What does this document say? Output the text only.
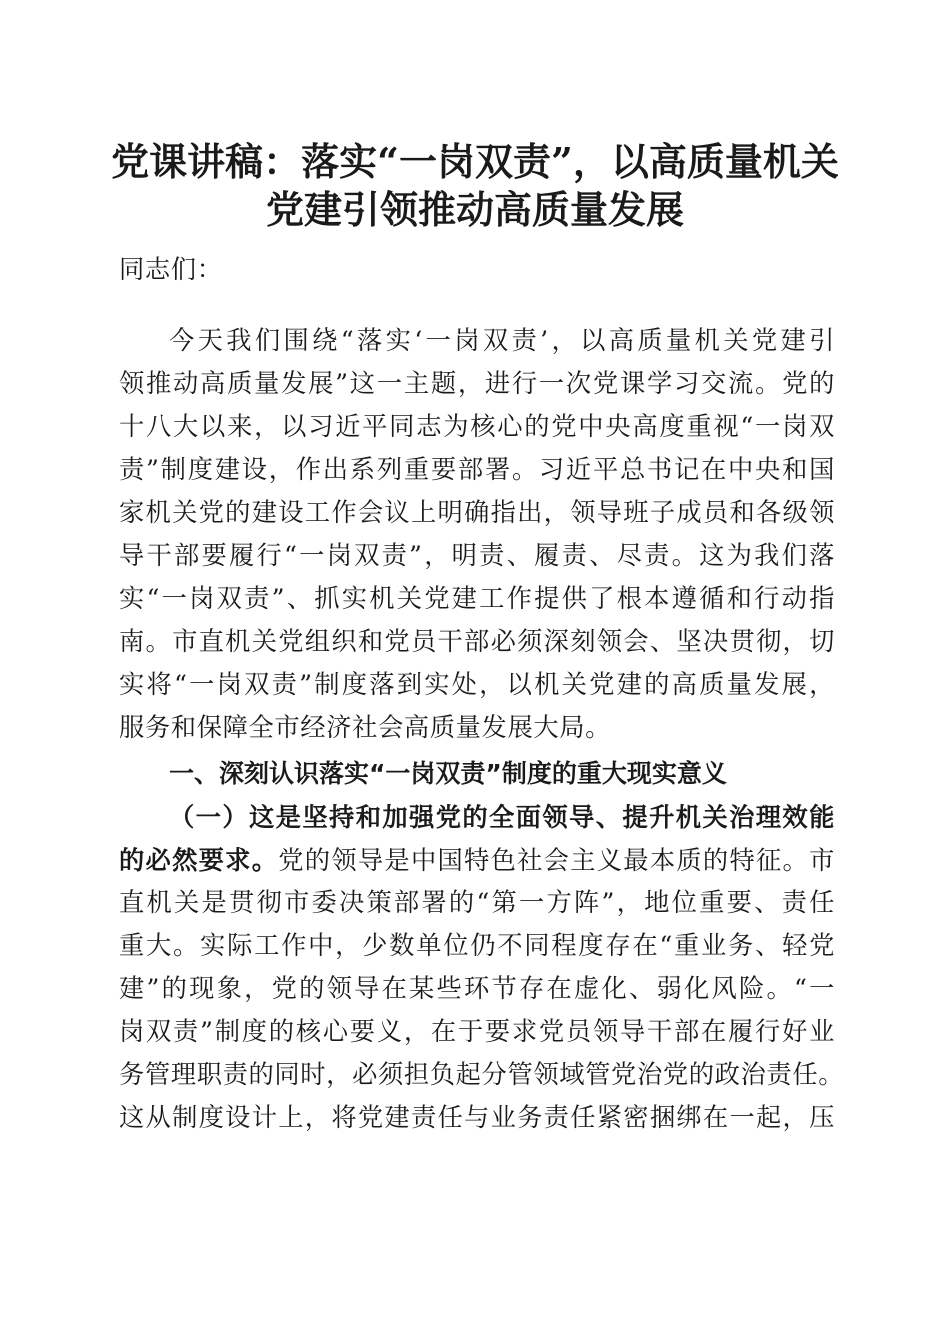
党课讲稿：落实“一岗双责”，以高质量机关
党建引领推动高质量发展
同志们：
今天我们围绕“落实‘一岗双责’，以高质量机关党建引
领推动高质量发展”这一主题，进行一次党课学习交流。党的
十八大以来，以习近平同志为核心的党中央高度重视“一岗双
责”制度建设，作出系列重要部署。习近平总书记在中央和国
家机关党的建设工作会议上明确指出，领导班子成员和各级领
导干部要履行“一岗双责”，明责、履责、尽责。这为我们落
实“一岗双责”、抓实机关党建工作提供了根本遵循和行动指
南。市直机关党组织和党员干部必须深刻领会、坚决贯彻，切
实将“一岗双责”制度落到实处，以机关党建的高质量发展，
服务和保障全市经济社会高质量发展大局。
一、深刻认识落实“一岗双责”制度的重大现实意义
（一）这是坚持和加强党的全面领导、提升机关治理效能
的必然要求。党的领导是中国特色社会主义最本质的特征。市
直机关是贯彻市委决策部署的“第一方阵”，地位重要、责任
重大。实际工作中，少数单位仍不同程度存在“重业务、轻党
建”的现象，党的领导在某些环节存在虚化、弱化风险。“一
岗双责”制度的核心要义，在于要求党员领导干部在履行好业
务管理职责的同时，必须担负起分管领域管党治党的政治责任。
这从制度设计上，将党建责任与业务责任紧密捆绑在一起，压
